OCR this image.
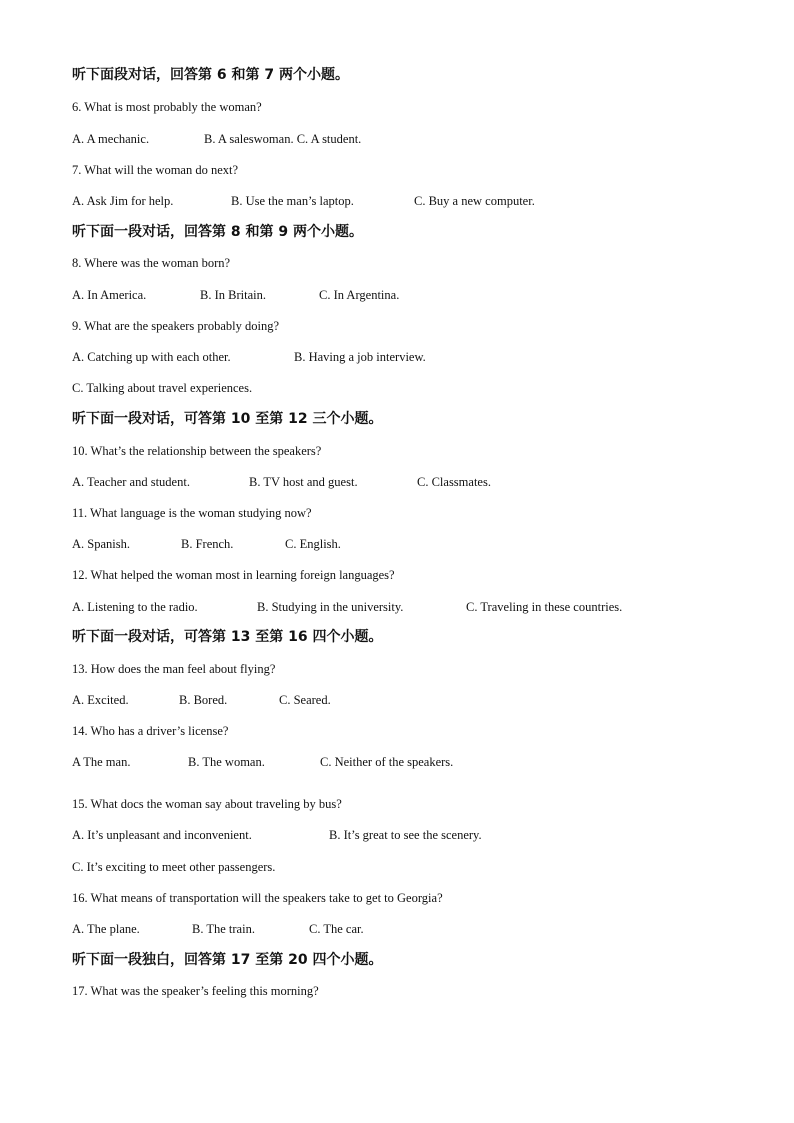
听下面段对话，回答第 6 和第 7 两个小题。
6. What is most probably the woman?
A. A mechanic.	B. A saleswoman. C. A student.
7. What will the woman do next?
A. Ask Jim for help.	B. Use the man’s laptop.	C. Buy a new computer.
听下面一段对话，回答第 8 和第 9 两个小题。
8. Where was the woman born?
A. In America.	B. In Britain.	C. In Argentina.
9. What are the speakers probably doing?
A. Catching up with each other.	B. Having a job interview.
C. Talking about travel experiences.
听下面一段对话，可答第 10 至第 12 三个小题。
10. What’s the relationship between the speakers?
A. Teacher and student.	B. TV host and guest.	C. Classmates.
11. What language is the woman studying now?
A. Spanish.	B. French.	C. English.
12. What helped the woman most in learning foreign languages?
A. Listening to the radio.	B. Studying in the university.	C. Traveling in these countries.
听下面一段对话，可答第 13 至第 16 四个小题。
13. How does the man feel about flying?
A. Excited.	B. Bored.	C. Seared.
14. Who has a driver’s license?
A The man.	B. The woman.	C. Neither of the speakers.
15. What docs the woman say about traveling by bus?
A. It’s unpleasant and inconvenient.	B. It’s great to see the scenery.
C. It’s exciting to meet other passengers.
16. What means of transportation will the speakers take to get to Georgia?
A. The plane.	B. The train.	C. The car.
听下面一段独白，回答第 17 至第 20 四个小题。
17. What was the speaker’s feeling this morning?
